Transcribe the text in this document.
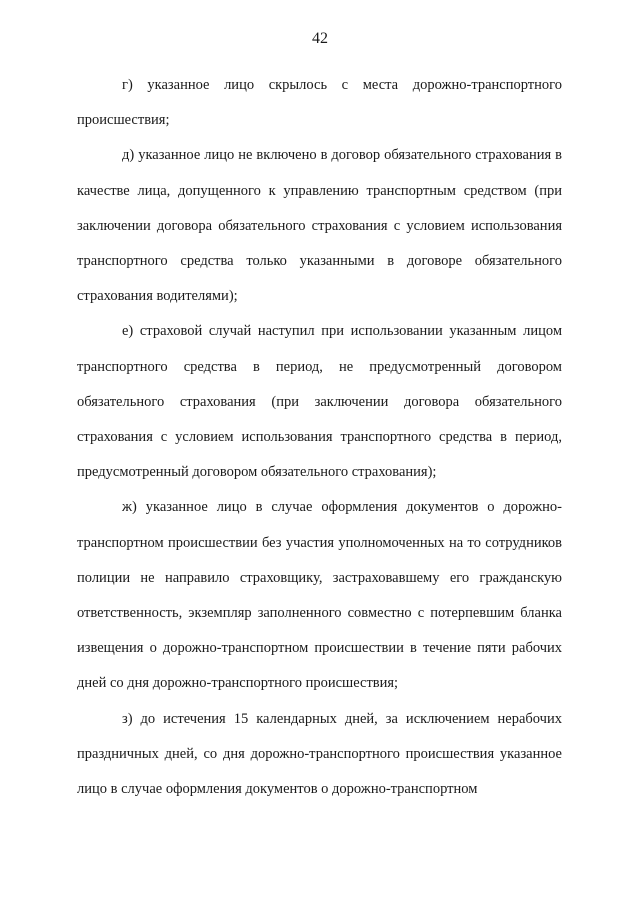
42

г) указанное лицо скрылось с места дорожно-транспортного происшествия;

д) указанное лицо не включено в договор обязательного страхования в качестве лица, допущенного к управлению транспортным средством (при заключении договора обязательного страхования с условием использования транспортного средства только указанными в договоре обязательного страхования водителями);

е) страховой случай наступил при использовании указанным лицом транспортного средства в период, не предусмотренный договором обязательного страхования (при заключении договора обязательного страхования с условием использования транспортного средства в период, предусмотренный договором обязательного страхования);

ж) указанное лицо в случае оформления документов о дорожно-транспортном происшествии без участия уполномоченных на то сотрудников полиции не направило страховщику, застраховавшему его гражданскую ответственность, экземпляр заполненного совместно с потерпевшим бланка извещения о дорожно-транспортном происшествии в течение пяти рабочих дней со дня дорожно-транспортного происшествия;

з) до истечения 15 календарных дней, за исключением нерабочих праздничных дней, со дня дорожно-транспортного происшествия указанное лицо в случае оформления документов о дорожно-транспортном
